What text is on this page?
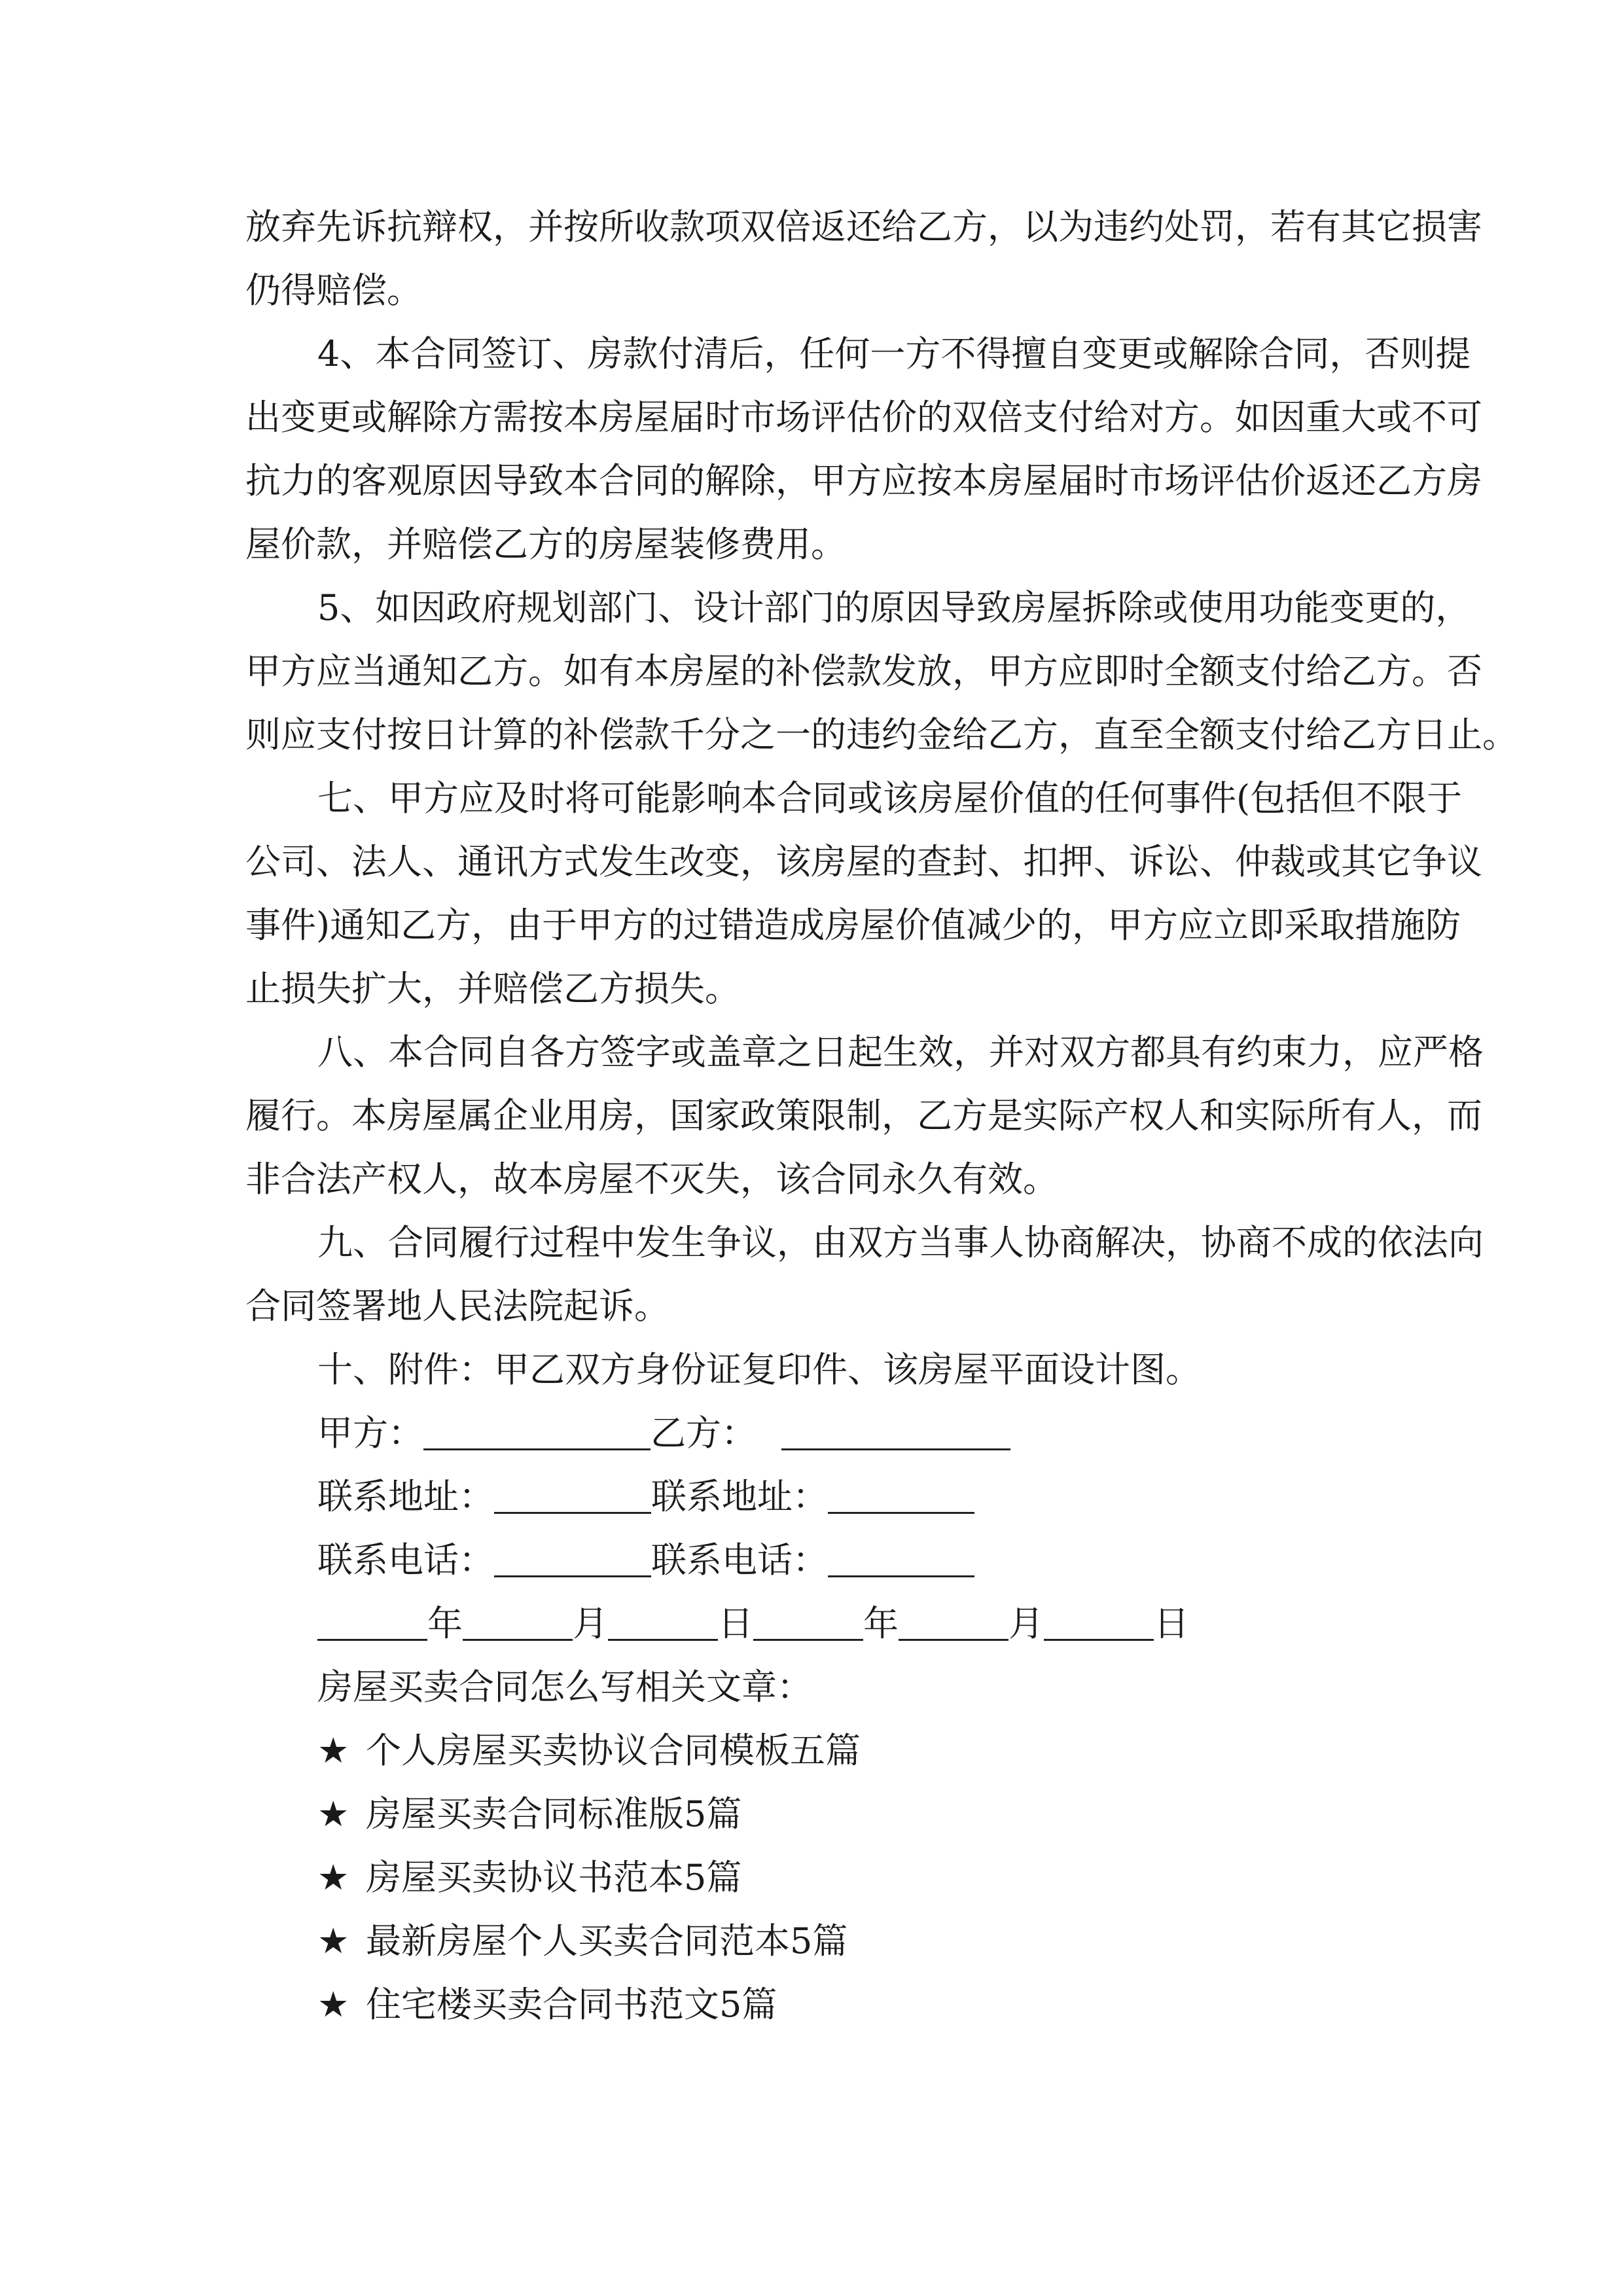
放弃先诉抗辩权，并按所收款项双倍返还给乙方，以为违约处罚，若有其它损害
仍得赔偿。
4、本合同签订、房款付清后，任何一方不得擅自变更或解除合同，否则提
出变更或解除方需按本房屋届时市场评估价的双倍支付给对方。如因重大或不可
抗力的客观原因导致本合同的解除，甲方应按本房屋届时市场评估价返还乙方房
屋价款，并赔偿乙方的房屋装修费用。
5、如因政府规划部门、设计部门的原因导致房屋拆除或使用功能变更的，
甲方应当通知乙方。如有本房屋的补偿款发放，甲方应即时全额支付给乙方。否
则应支付按日计算的补偿款千分之一的违约金给乙方，直至全额支付给乙方日止。
七、甲方应及时将可能影响本合同或该房屋价值的任何事件(包括但不限于
公司、法人、通讯方式发生改变，该房屋的查封、扣押、诉讼、仲裁或其它争议
事件)通知乙方，由于甲方的过错造成房屋价值减少的，甲方应立即采取措施防
止损失扩大，并赔偿乙方损失。
八、本合同自各方签字或盖章之日起生效，并对双方都具有约束力，应严格
履行。本房屋属企业用房，国家政策限制，乙方是实际产权人和实际所有人，而
非合法产权人，故本房屋不灭失，该合同永久有效。
九、合同履行过程中发生争议，由双方当事人协商解决，协商不成的依法向
合同签署地人民法院起诉。
十、附件：甲乙双方身份证复印件、该房屋平面设计图。
甲方：	乙方：
联系地址：	联系地址：
联系电话：	联系电话：
年	月	日	年	月	日
房屋买卖合同怎么写相关文章：
★ 个人房屋买卖协议合同模板五篇
★ 房屋买卖合同标准版5篇
★ 房屋买卖协议书范本5篇
★ 最新房屋个人买卖合同范本5篇
★ 住宅楼买卖合同书范文5篇
